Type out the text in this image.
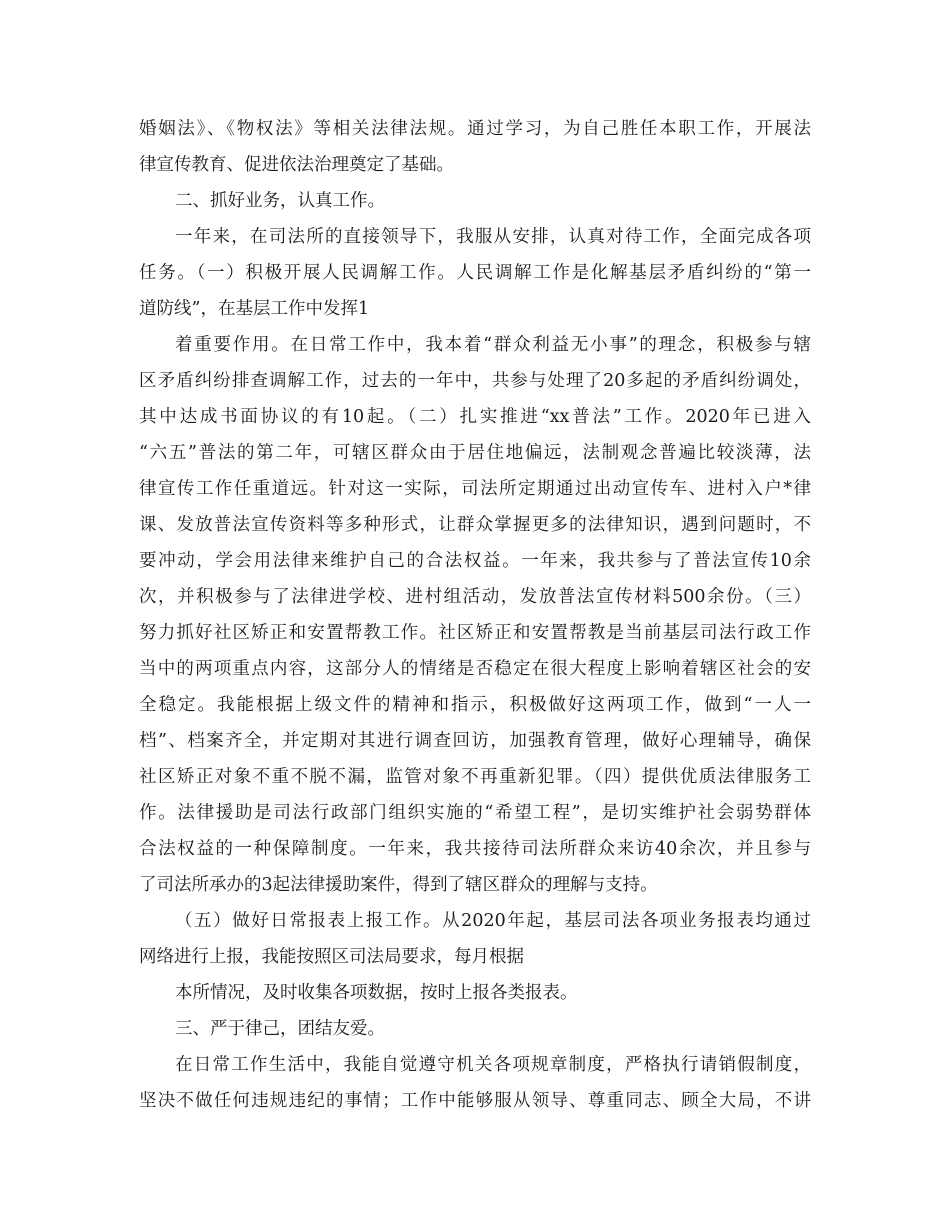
婚姻法》、《物权法》等相关法律法规。通过学习，为自己胜任本职工作，开展法
律宣传教育、促进依法治理奠定了基础。
二、抓好业务，认真工作。
一年来，在司法所的直接领导下，我服从安排，认真对待工作，全面完成各项
任务。（一）积极开展人民调解工作。人民调解工作是化解基层矛盾纠纷的“第一
道防线”，在基层工作中发挥1
着重要作用。在日常工作中，我本着“群众利益无小事”的理念，积极参与辖
区矛盾纠纷排查调解工作，过去的一年中，共参与处理了20多起的矛盾纠纷调处，
其中达成书面协议的有10起。（二）扎实推进“xx普法”工作。2020年已进入
“六五”普法的第二年，可辖区群众由于居住地偏远，法制观念普遍比较淡薄，法
律宣传工作任重道远。针对这一实际，司法所定期通过出动宣传车、进村入户*律
课、发放普法宣传资料等多种形式，让群众掌握更多的法律知识，遇到问题时，不
要冲动，学会用法律来维护自己的合法权益。一年来，我共参与了普法宣传10余
次，并积极参与了法律进学校、进村组活动，发放普法宣传材料500余份。（三）
努力抓好社区矫正和安置帮教工作。社区矫正和安置帮教是当前基层司法行政工作
当中的两项重点内容，这部分人的情绪是否稳定在很大程度上影响着辖区社会的安
全稳定。我能根据上级文件的精神和指示，积极做好这两项工作，做到“一人一
档”、档案齐全，并定期对其进行调查回访，加强教育管理，做好心理辅导，确保
社区矫正对象不重不脱不漏，监管对象不再重新犯罪。（四）提供优质法律服务工
作。法律援助是司法行政部门组织实施的“希望工程”，是切实维护社会弱势群体
合法权益的一种保障制度。一年来，我共接待司法所群众来访40余次，并且参与
了司法所承办的3起法律援助案件，得到了辖区群众的理解与支持。
（五）做好日常报表上报工作。从2020年起，基层司法各项业务报表均通过
网络进行上报，我能按照区司法局要求，每月根据
本所情况，及时收集各项数据，按时上报各类报表。
三、严于律己，团结友爱。
在日常工作生活中，我能自觉遵守机关各项规章制度，严格执行请销假制度，
坚决不做任何违规违纪的事情；工作中能够服从领导、尊重同志、顾全大局，不讲
